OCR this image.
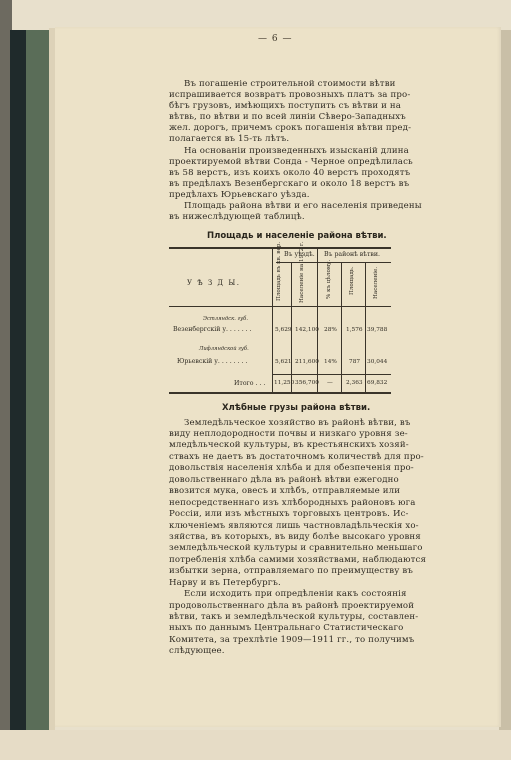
— 6 —
Въ погашеніе строительной стоимости вѣтви
испрашивается возвратъ провозныхъ платъ за про-
бѣгъ грузовъ, имѣющихъ поступить съ вѣтви и на
вѣтвь, по вѣтви и по всей линіи Сѣверо-Западныхъ
жел. дорогъ, причемъ срокъ погашенія вѣтви пред-
полагается въ 15-ть лѣтъ.
На основаніи произведенныхъ изысканій длина
проектируемой вѣтви Сонда - Черное опредѣлилась
въ 58 верстъ, изъ коихъ около 40 верстъ проходятъ
въ предѣлахъ Везенбергскаго и около 18 верстъ въ
предѣлахъ Юрьевскаго уѣзда.
Площадь района вѣтви и его населенія приведены
въ нижеслѣдующей таблицѣ.
Площадь и населеніе района вѣтви.
У Ѣ З Д Ы.
Въ уѣздѣ. Въ районѣ вѣтви.
Площадь въ кв. вер.	Населеніе на 1912 г.	% къ цѣлому.	Площадь.	Населеніе.
Эстляндск. губ.
Везенбергскій у. . . . . . .	5,629 142,100 28% 1,576 39,788
Лифляндской губ.
Юрьевскій у. . . . . . . .	5,621 211,600 14% 787 30,044
Итого . . . 11,250 356,700 — 2,363 69,832
Хлѣбные грузы района вѣтви.
Земледѣльческое хозяйство въ районѣ вѣтви, въ
виду неплодородности почвы и низкаго уровня зе-
мледѣльческой культуры, въ крестьянскихъ хозяй-
ствахъ не даетъ въ достаточномъ количествѣ для про-
довольствія населенія хлѣба и для обезпеченія про-
довольственнаго дѣла въ районѣ вѣтви ежегодно
ввозится мука, овесъ и хлѣбъ, отправляемые или
непосредственнаго изъ хлѣбородныхъ районовъ юга
Россіи, или изъ мѣстныхъ торговыхъ центровъ. Ис-
ключеніемъ являются лишь частновладѣльческія хо-
зяйства, въ которыхъ, въ виду болѣе высокаго уровня
земледѣльческой культуры и сравнительно меньшаго
потребленія хлѣба самими хозяйствами, наблюдаются
избытки зерна, отправляемаго по преимуществу въ
Нарву и въ Петербургъ.
Если исходить при опредѣленіи какъ состоянія
продовольственнаго дѣла въ районѣ проектируемой
вѣтви, такъ и земледѣльческой культуры, составлен-
ныхъ по даннымъ Центральнаго Статистическаго
Комитета, за трехлѣтіе 1909—1911 гг., то получимъ
слѣдующее.
